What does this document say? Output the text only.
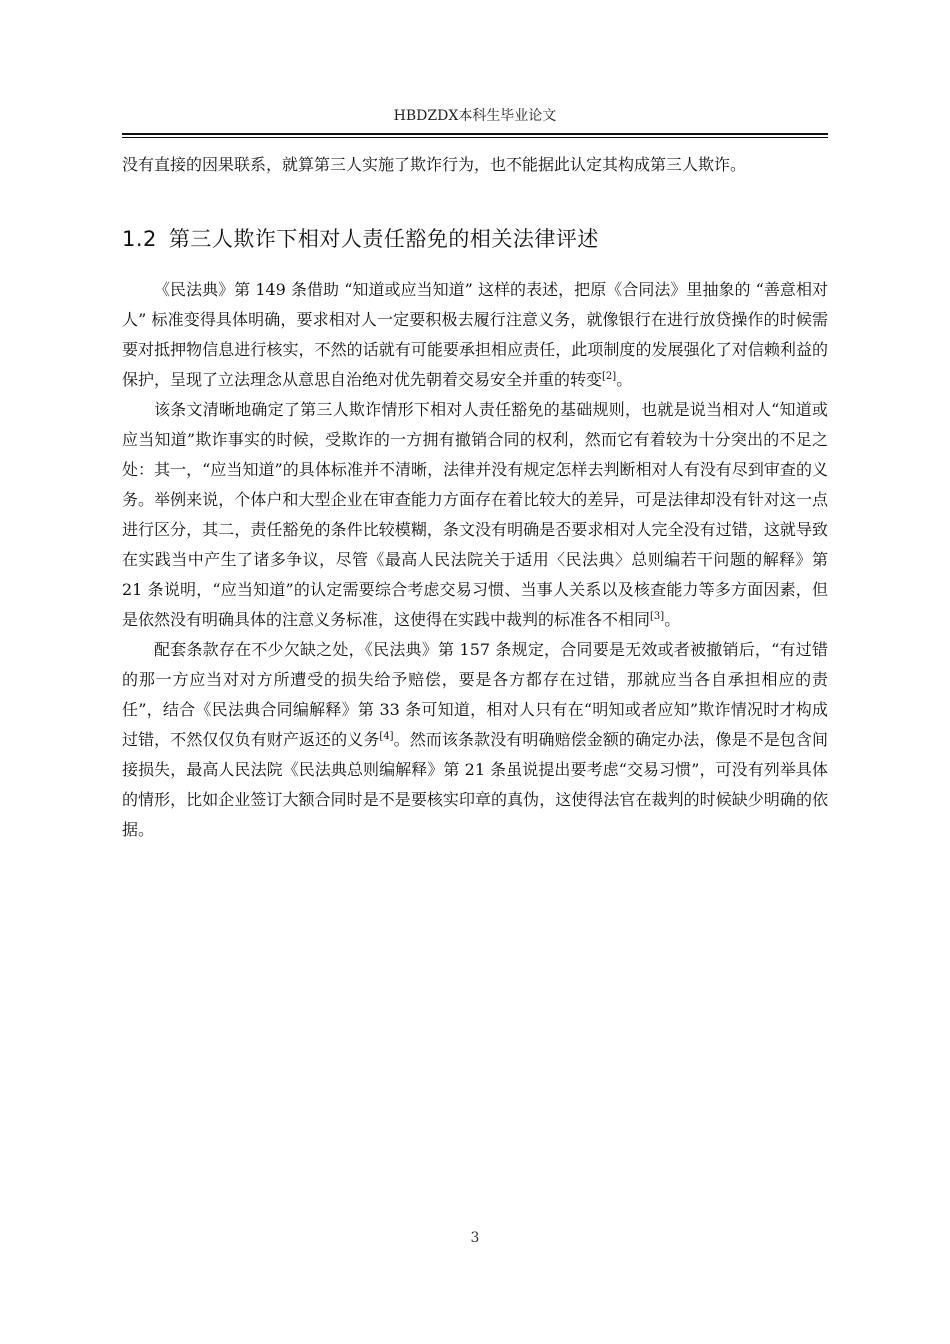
HBDZDX本科生毕业论文

没有直接的因果联系，就算第三人实施了欺诈行为，也不能据此认定其构成第三人欺诈。

1.2 第三人欺诈下相对人责任豁免的相关法律评述

《民法典》第 149 条借助 “知道或应当知道” 这样的表述，把原《合同法》里抽象的 “善意相对人” 标准变得具体明确，要求相对人一定要积极去履行注意义务，就像银行在进行放贷操作的时候需要对抵押物信息进行核实，不然的话就有可能要承担相应责任，此项制度的发展强化了对信赖利益的保护，呈现了立法理念从意思自治绝对优先朝着交易安全并重的转变[2]。

该条文清晰地确定了第三人欺诈情形下相对人责任豁免的基础规则，也就是说当相对人“知道或应当知道”欺诈事实的时候，受欺诈的一方拥有撤销合同的权利，然而它有着较为十分突出的不足之处：其一，“应当知道”的具体标准并不清晰，法律并没有规定怎样去判断相对人有没有尽到审查的义务。举例来说，个体户和大型企业在审查能力方面存在着比较大的差异，可是法律却没有针对这一点进行区分，其二，责任豁免的条件比较模糊，条文没有明确是否要求相对人完全没有过错，这就导致在实践当中产生了诸多争议，尽管《最高人民法院关于适用〈民法典〉总则编若干问题的解释》第 21 条说明，“应当知道”的认定需要综合考虑交易习惯、当事人关系以及核查能力等多方面因素，但是依然没有明确具体的注意义务标准，这使得在实践中裁判的标准各不相同[3]。

配套条款存在不少欠缺之处，《民法典》第 157 条规定，合同要是无效或者被撤销后，“有过错的那一方应当对对方所遭受的损失给予赔偿，要是各方都存在过错，那就应当各自承担相应的责任”，结合《民法典合同编解释》第 33 条可知道，相对人只有在“明知或者应知”欺诈情况时才构成过错，不然仅仅负有财产返还的义务[4]。然而该条款没有明确赔偿金额的确定办法，像是不是包含间接损失，最高人民法院《民法典总则编解释》第 21 条虽说提出要考虑“交易习惯”，可没有列举具体的情形，比如企业签订大额合同时是不是要核实印章的真伪，这使得法官在裁判的时候缺少明确的依据。

3
